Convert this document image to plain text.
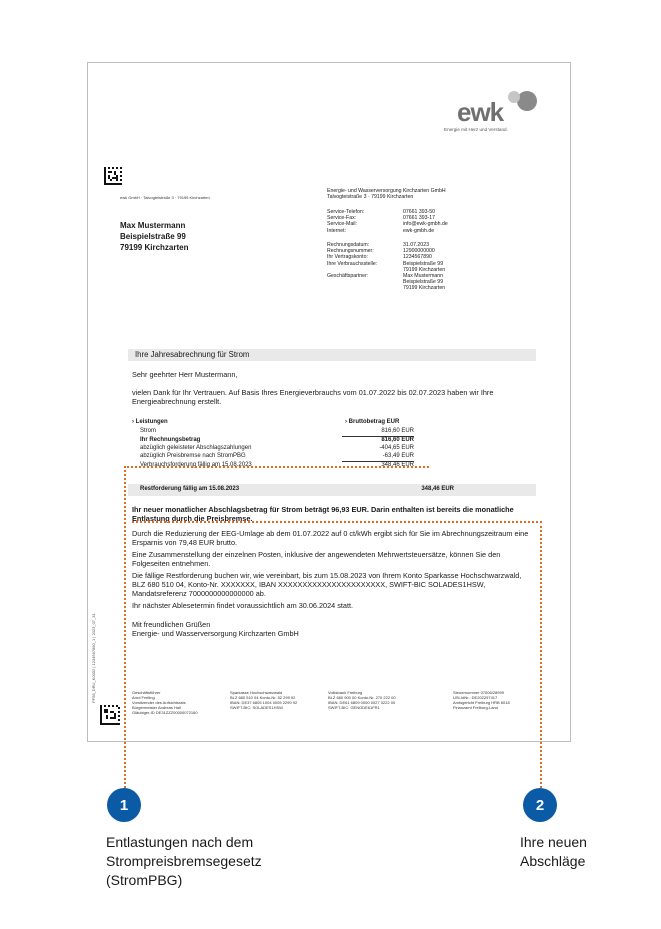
ewk
Energie mit Herz und Verstand.
ewk GmbH · Talvogteistraße 3 · 79199 Kirchzarten
Max Mustermann
Beispielstraße 99
79199 Kirchzarten
Energie- und Wasserversorgung Kirchzarten GmbH
Talvogteistraße 3 · 79199 Kirchzarten
Service-Telefon:	07661 393-50
Service-Fax:	07661 393-17
Service-Mail:	info@ewk-gmbh.de
Internet:	ewk-gmbh.de
Rechnungsdatum:	31.07.2023
Rechnungsnummer:	12900000000
Ihr Vertragskonto:	1234567890
Ihre Verbrauchsstelle:	Beispielstraße 99
79199 Kirchzarten
Geschäftspartner:	Max Mustermann
Beispielstraße 99
79199 Kirchzarten
Ihre Jahresabrechnung für Strom
Sehr geehrter Herr Mustermann,
vielen Dank für Ihr Vertrauen. Auf Basis Ihres Energieverbrauchs vom 01.07.2022 bis 02.07.2023 haben wir Ihre Energieabrechnung erstellt.
› Leistungen	› Bruttobetrag EUR
Strom	816,60 EUR
Ihr Rechnungsbetrag	816,60 EUR
abzüglich geleisteter Abschlagszahlungen	-404,65 EUR
abzüglich Preisbremse nach StromPBG	-63,49 EUR
Verbrauchsforderung fällig am 15.08.2023	348,46 EUR
Restforderung fällig am 15.08.2023	348,46 EUR
Ihr neuer monatlicher Abschlagsbetrag für Strom beträgt 96,93 EUR. Darin enthalten ist bereits die monatliche Entlastung durch die Preisbremse.
Durch die Reduzierung der EEG-Umlage ab dem 01.07.2022 auf 0 ct/kWh ergibt sich für Sie im Abrechnungszeitraum eine Ersparnis von 79,48 EUR brutto.
Eine Zusammenstellung der einzelnen Posten, inklusive der angewendeten Mehrwertsteuersätze, können Sie den Folgeseiten entnehmen.
Die fällige Restforderung buchen wir, wie vereinbart, bis zum 15.08.2023 von Ihrem Konto Sparkasse Hochschwarzwald, BLZ 680 510 04, Konto-Nr. XXXXXXX, IBAN XXXXXXXXXXXXXXXXXXXXXX, SWIFT-BIC SOLADES1HSW, Mandatsreferenz 7000000000000000 ab.
Ihr nächster Ablesetermin findet voraussichtlich am 30.06.2024 statt.
Mit freundlichen Grüßen
Energie- und Wasserversorgung Kirchzarten GmbH
PF58_DRU_K0002 | 1234567890_1 | 2023_07_31	Geschäftsführer
Arnd Freiling
Vorsitzender des Aufsichtsrats
Bürgermeister Andreas Hall
Gläubiger-ID DE31ZZZ00000072160
Sparkasse Hochschwarzwald
BLZ 680 510 04 Konto-Nr. 52 299 92
IBAN: DE37 6805 1004 0005 2299 92
SWIFT-BIC: SOLADES1HSW
Volksbank Freiburg
BLZ 680 900 00 Konto-Nr. 270 222 00
IBAN: DE61 6809 0000 0027 0222 00
SWIFT-BIC: GENODE61FR1
Steuernummer 07006/28999
USt-IdNr.: DE202297417
Amtsgericht Freiburg HRB 6018
Finanzamt Freiburg-Land
1	2
Entlastungen nach dem
Strompreisbremsegesetz
(StromPBG)
Ihre neuen
Abschläge
